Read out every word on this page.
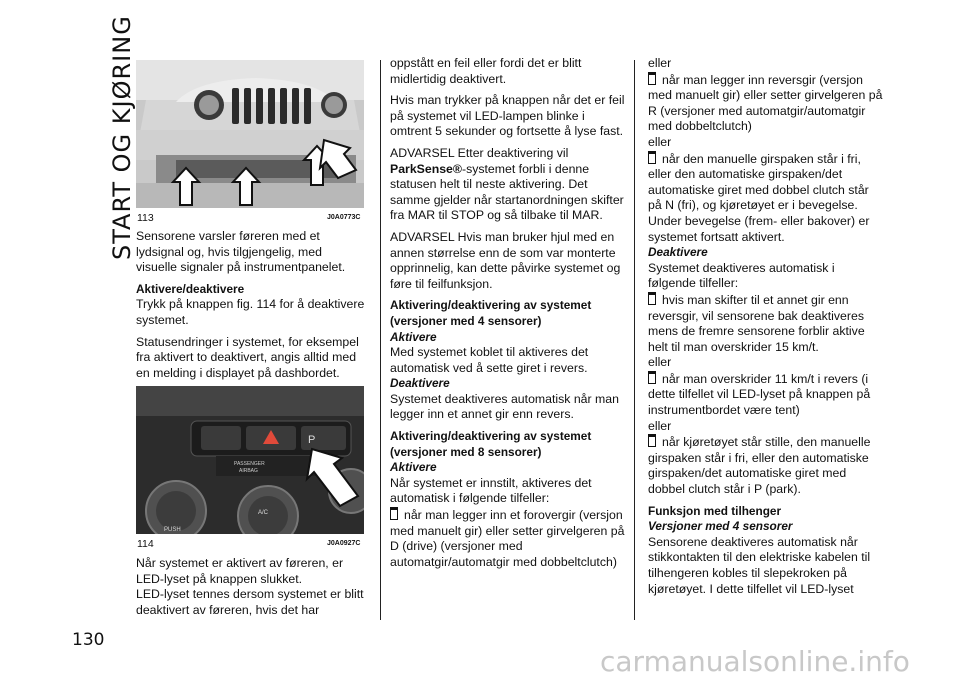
START OG KJØRING
130
113	J0A0773C
P
PASSENGER
AIRBAG
PUSH
A/C
114	J0A0927C

Sensorene varsler føreren med et lydsignal og, hvis tilgjengelig, med visuelle signaler på instrumentpanelet.

Aktivere/deaktivere

Trykk på knappen fig. 114 for å deaktivere systemet.

Statusendringer i systemet, for eksempel fra aktivert to deaktivert, angis alltid med en melding i displayet på dashbordet.

Når systemet er aktivert av føreren, er LED-lyset på knappen slukket.

LED-lyset tennes dersom systemet er blitt deaktivert av føreren, hvis det har

oppstått en feil eller fordi det er blitt midlertidig deaktivert.

Hvis man trykker på knappen når det er feil på systemet vil LED-lampen blinke i omtrent 5 sekunder og fortsette å lyse fast.

ADVARSEL Etter deaktivering vil ParkSense®-systemet forbli i denne statusen helt til neste aktivering. Det samme gjelder når startanordningen skifter fra MAR til STOP og så tilbake til MAR.

ADVARSEL Hvis man bruker hjul med en annen størrelse enn de som var monterte opprinnelig, kan dette påvirke systemet og føre til feilfunksjon.

Aktivering/deaktivering av systemet (versjoner med 4 sensorer)

Aktivere

Med systemet koblet til aktiveres det automatisk ved å sette giret i revers.

Deaktivere

Systemet deaktiveres automatisk når man legger inn et annet gir enn revers.

Aktivering/deaktivering av systemet (versjoner med 8 sensorer)

Aktivere

Når systemet er innstilt, aktiveres det automatisk i følgende tilfeller:

når man legger inn et forovergir (versjon med manuelt gir) eller setter girvelgeren på D (drive) (versjoner med automatgir/automatgir med dobbeltclutch)

eller

når man legger inn reversgir (versjon med manuelt gir) eller setter girvelgeren på R (versjoner med automatgir/automatgir med dobbeltclutch)

eller

når den manuelle girspaken står i fri, eller den automatiske girspaken/det automatiske giret med dobbel clutch står på N (fri), og kjøretøyet er i bevegelse. Under bevegelse (frem- eller bakover) er systemet fortsatt aktivert.

Deaktivere

Systemet deaktiveres automatisk i følgende tilfeller:

hvis man skifter til et annet gir enn reversgir, vil sensorene bak deaktiveres mens de fremre sensorene forblir aktive helt til man overskrider 15 km/t.

eller

når man overskrider 11 km/t i revers (i dette tilfellet vil LED-lyset på knappen på instrumentbordet være tent)

eller

når kjøretøyet står stille, den manuelle girspaken står i fri, eller den automatiske girspaken/det automatiske giret med dobbel clutch står i P (park).

Funksjon med tilhenger

Versjoner med 4 sensorer

Sensorene deaktiveres automatisk når stikkontakten til den elektriske kabelen til tilhengeren kobles til slepekroken på kjøretøyet. I dette tilfellet vil LED-lyset

carmanualsonline.info
